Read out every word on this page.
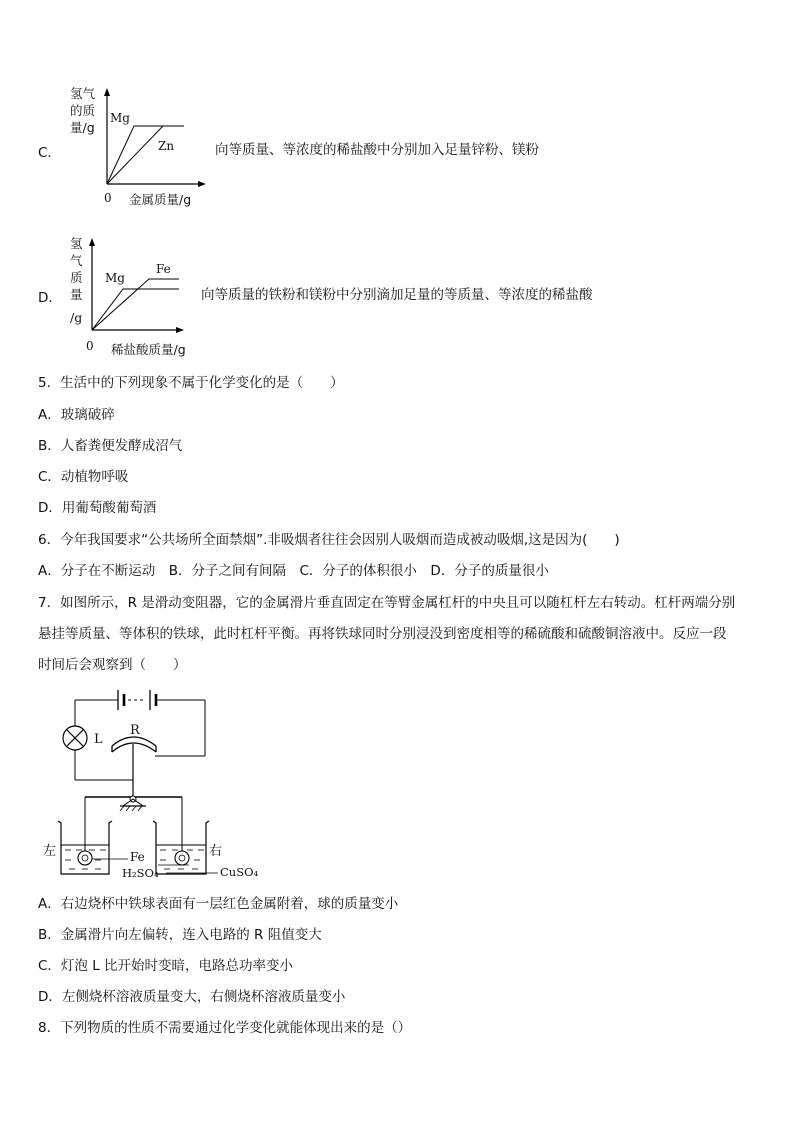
C．
氢气
的质
量/g
Mg
Zn
0 金属质量/g
向等质量、等浓度的稀盐酸中分别加入足量锌粉、镁粉
D．
氢
气
质
量
/g
Mg
Fe
0 稀盐酸质量/g
向等质量的铁粉和镁粉中分别滴加足量的等质量、等浓度的稀盐酸
5．生活中的下列现象不属于化学变化的是（　　）
A．玻璃破碎
B．人畜粪便发酵成沼气
C．动植物呼吸
D．用葡萄酸葡萄酒
6．今年我国要求“公共场所全面禁烟”.非吸烟者往往会因别人吸烟而造成被动吸烟,这是因为(　　)
A．分子在不断运动　B．分子之间有间隔　C．分子的体积很小　D．分子的质量很小
7．如图所示，R 是滑动变阻器，它的金属滑片垂直固定在等臂金属杠杆的中央且可以随杠杆左右转动。杠杆两端分别
悬挂等质量、等体积的铁球，此时杠杆平衡。再将铁球同时分别浸没到密度相等的稀硫酸和硫酸铜溶液中。反应一段
时间后会观察到（　　）
L
R
左	右
Fe
H₂SO₄	CuSO₄
A．右边烧杯中铁球表面有一层红色金属附着，球的质量变小
B．金属滑片向左偏转，连入电路的 R 阻值变大
C．灯泡 L 比开始时变暗，电路总功率变小
D．左侧烧杯溶液质量变大，右侧烧杯溶液质量变小
8．下列物质的性质不需要通过化学变化就能体现出来的是（）
